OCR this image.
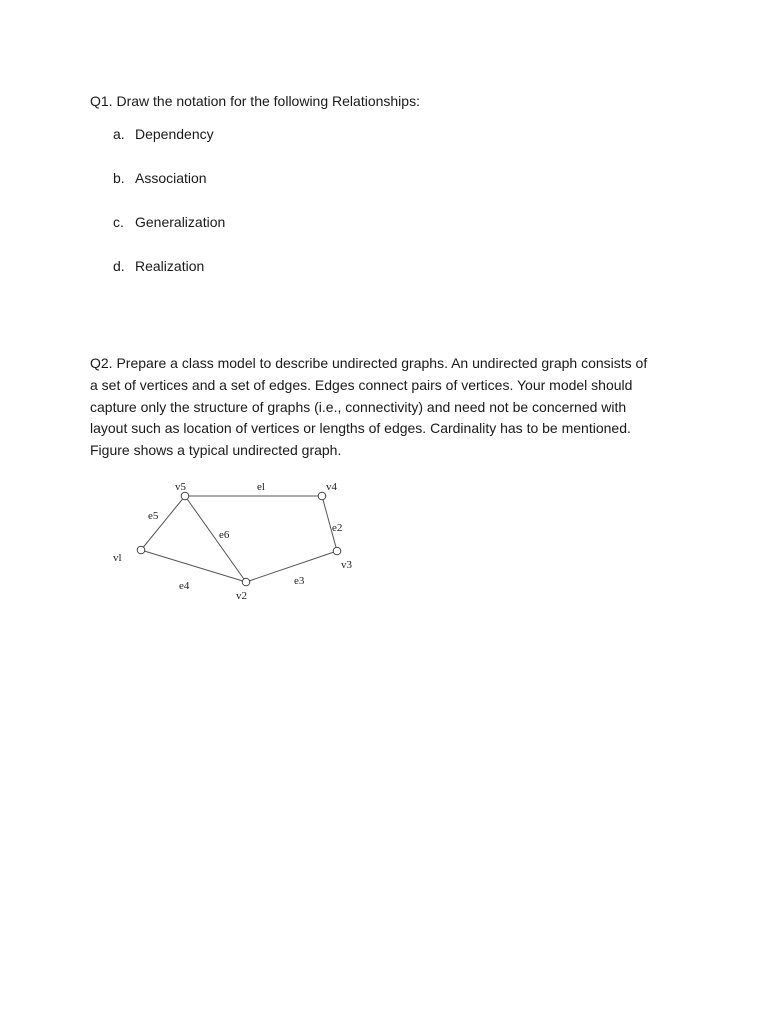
Q1. Draw the notation for the following Relationships:
a. Dependency
b. Association
c. Generalization
d. Realization

Q2. Prepare a class model to describe undirected graphs. An undirected graph consists of
a set of vertices and a set of edges. Edges connect pairs of vertices. Your model should
capture only the structure of graphs (i.e., connectivity) and need not be concerned with
layout such as location of vertices or lengths of edges. Cardinality has to be mentioned.
Figure shows a typical undirected graph.

el
e2
e3
e4
e5
e6
vl
v2
v3
v4
v5
